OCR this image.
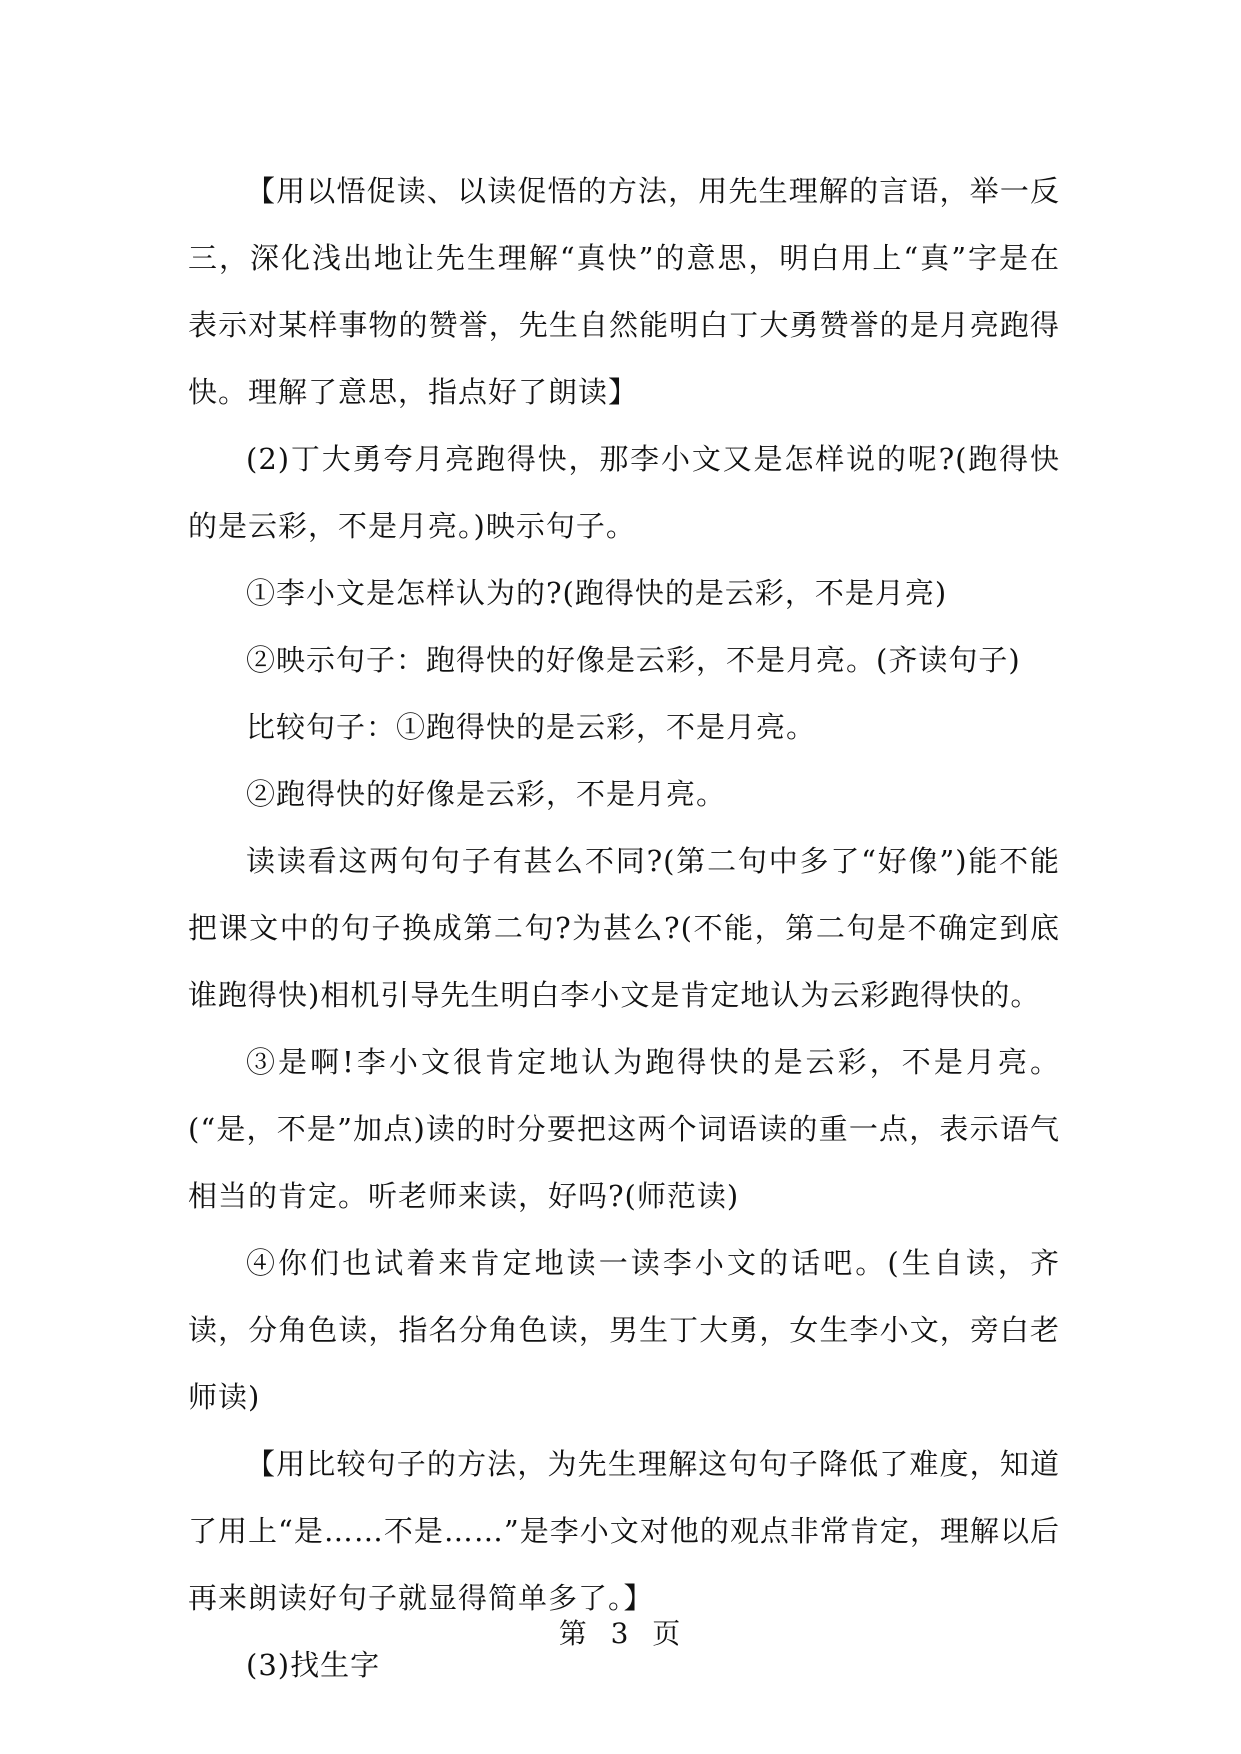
【用以悟促读、以读促悟的方法，用先生理解的言语，举一反三，深化浅出地让先生理解“真快”的意思，明白用上“真”字是在表示对某样事物的赞誉，先生自然能明白丁大勇赞誉的是月亮跑得快。理解了意思，指点好了朗读】

(2)丁大勇夸月亮跑得快，那李小文又是怎样说的呢?(跑得快的是云彩，不是月亮。)映示句子。

①李小文是怎样认为的?(跑得快的是云彩，不是月亮)

②映示句子：跑得快的好像是云彩，不是月亮。(齐读句子)

比较句子：①跑得快的是云彩，不是月亮。

②跑得快的好像是云彩，不是月亮。

读读看这两句句子有甚么不同?(第二句中多了“好像”)能不能把课文中的句子换成第二句?为甚么?(不能，第二句是不确定到底谁跑得快)相机引导先生明白李小文是肯定地认为云彩跑得快的。

③是啊!李小文很肯定地认为跑得快的是云彩，不是月亮。(“是，不是”加点)读的时分要把这两个词语读的重一点，表示语气相当的肯定。听老师来读，好吗?(师范读)

④你们也试着来肯定地读一读李小文的话吧。(生自读，齐读，分角色读，指名分角色读，男生丁大勇，女生李小文，旁白老师读)

【用比较句子的方法，为先生理解这句句子降低了难度，知道了用上“是……不是……”是李小文对他的观点非常肯定，理解以后再来朗读好句子就显得简单多了。】

(3)找生字

第 3 页
